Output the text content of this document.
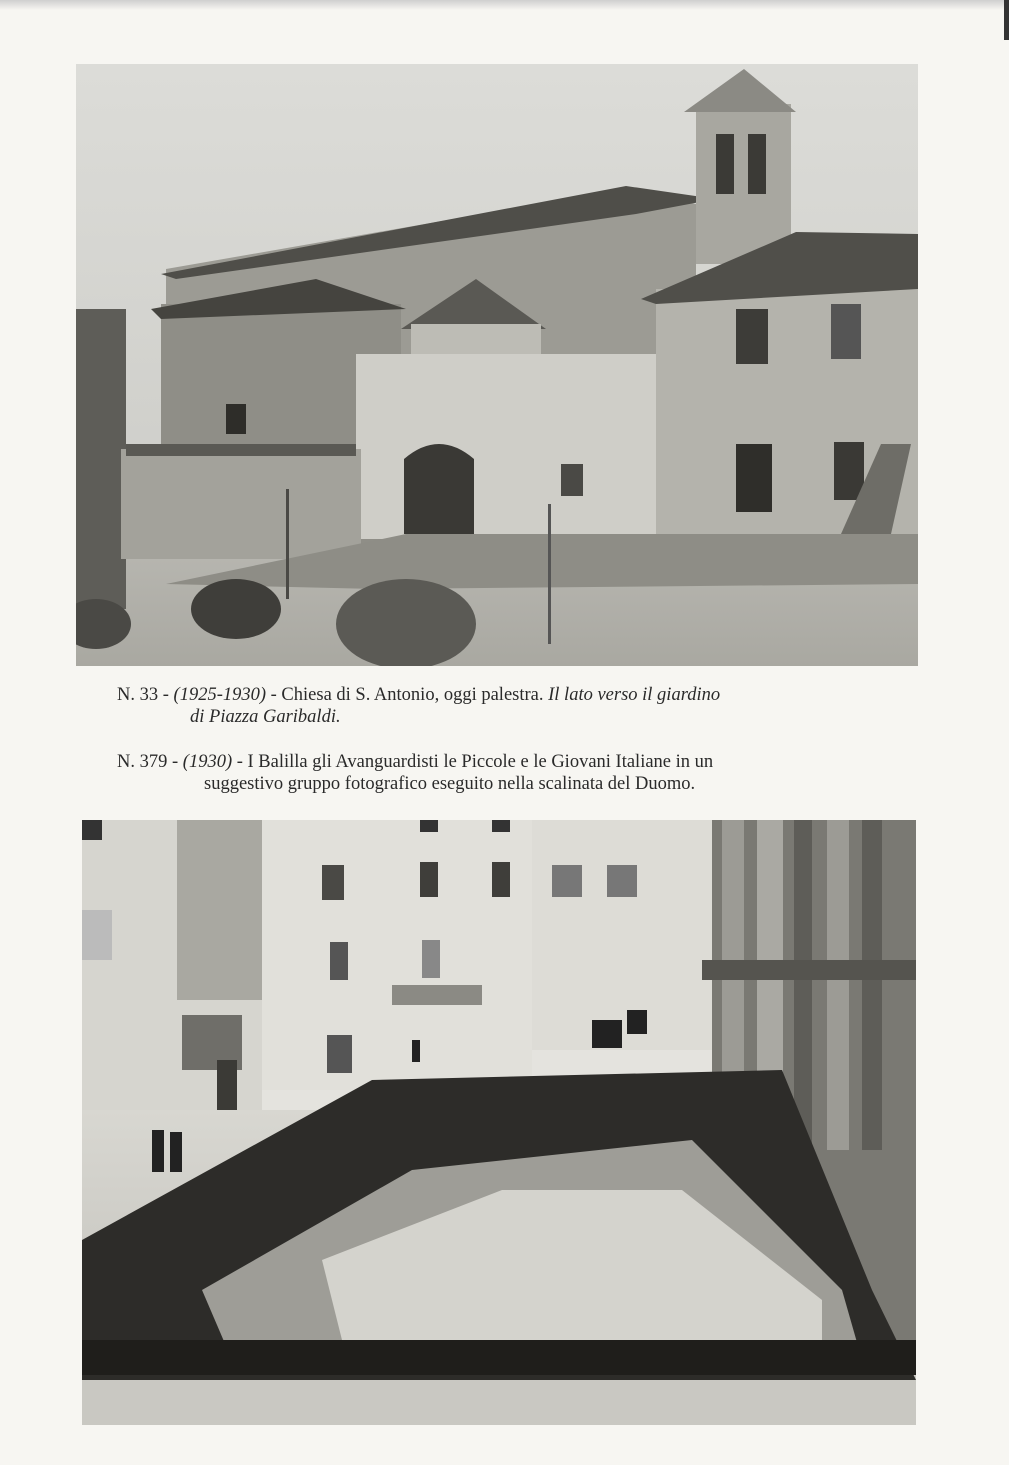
N. 33 - (1925-1930) - Chiesa di S. Antonio, oggi palestra. Il lato verso il giardino
di Piazza Garibaldi.
N. 379 - (1930) - I Balilla gli Avanguardisti le Piccole e le Giovani Italiane in un
suggestivo gruppo fotografico eseguito nella scalinata del Duomo.
